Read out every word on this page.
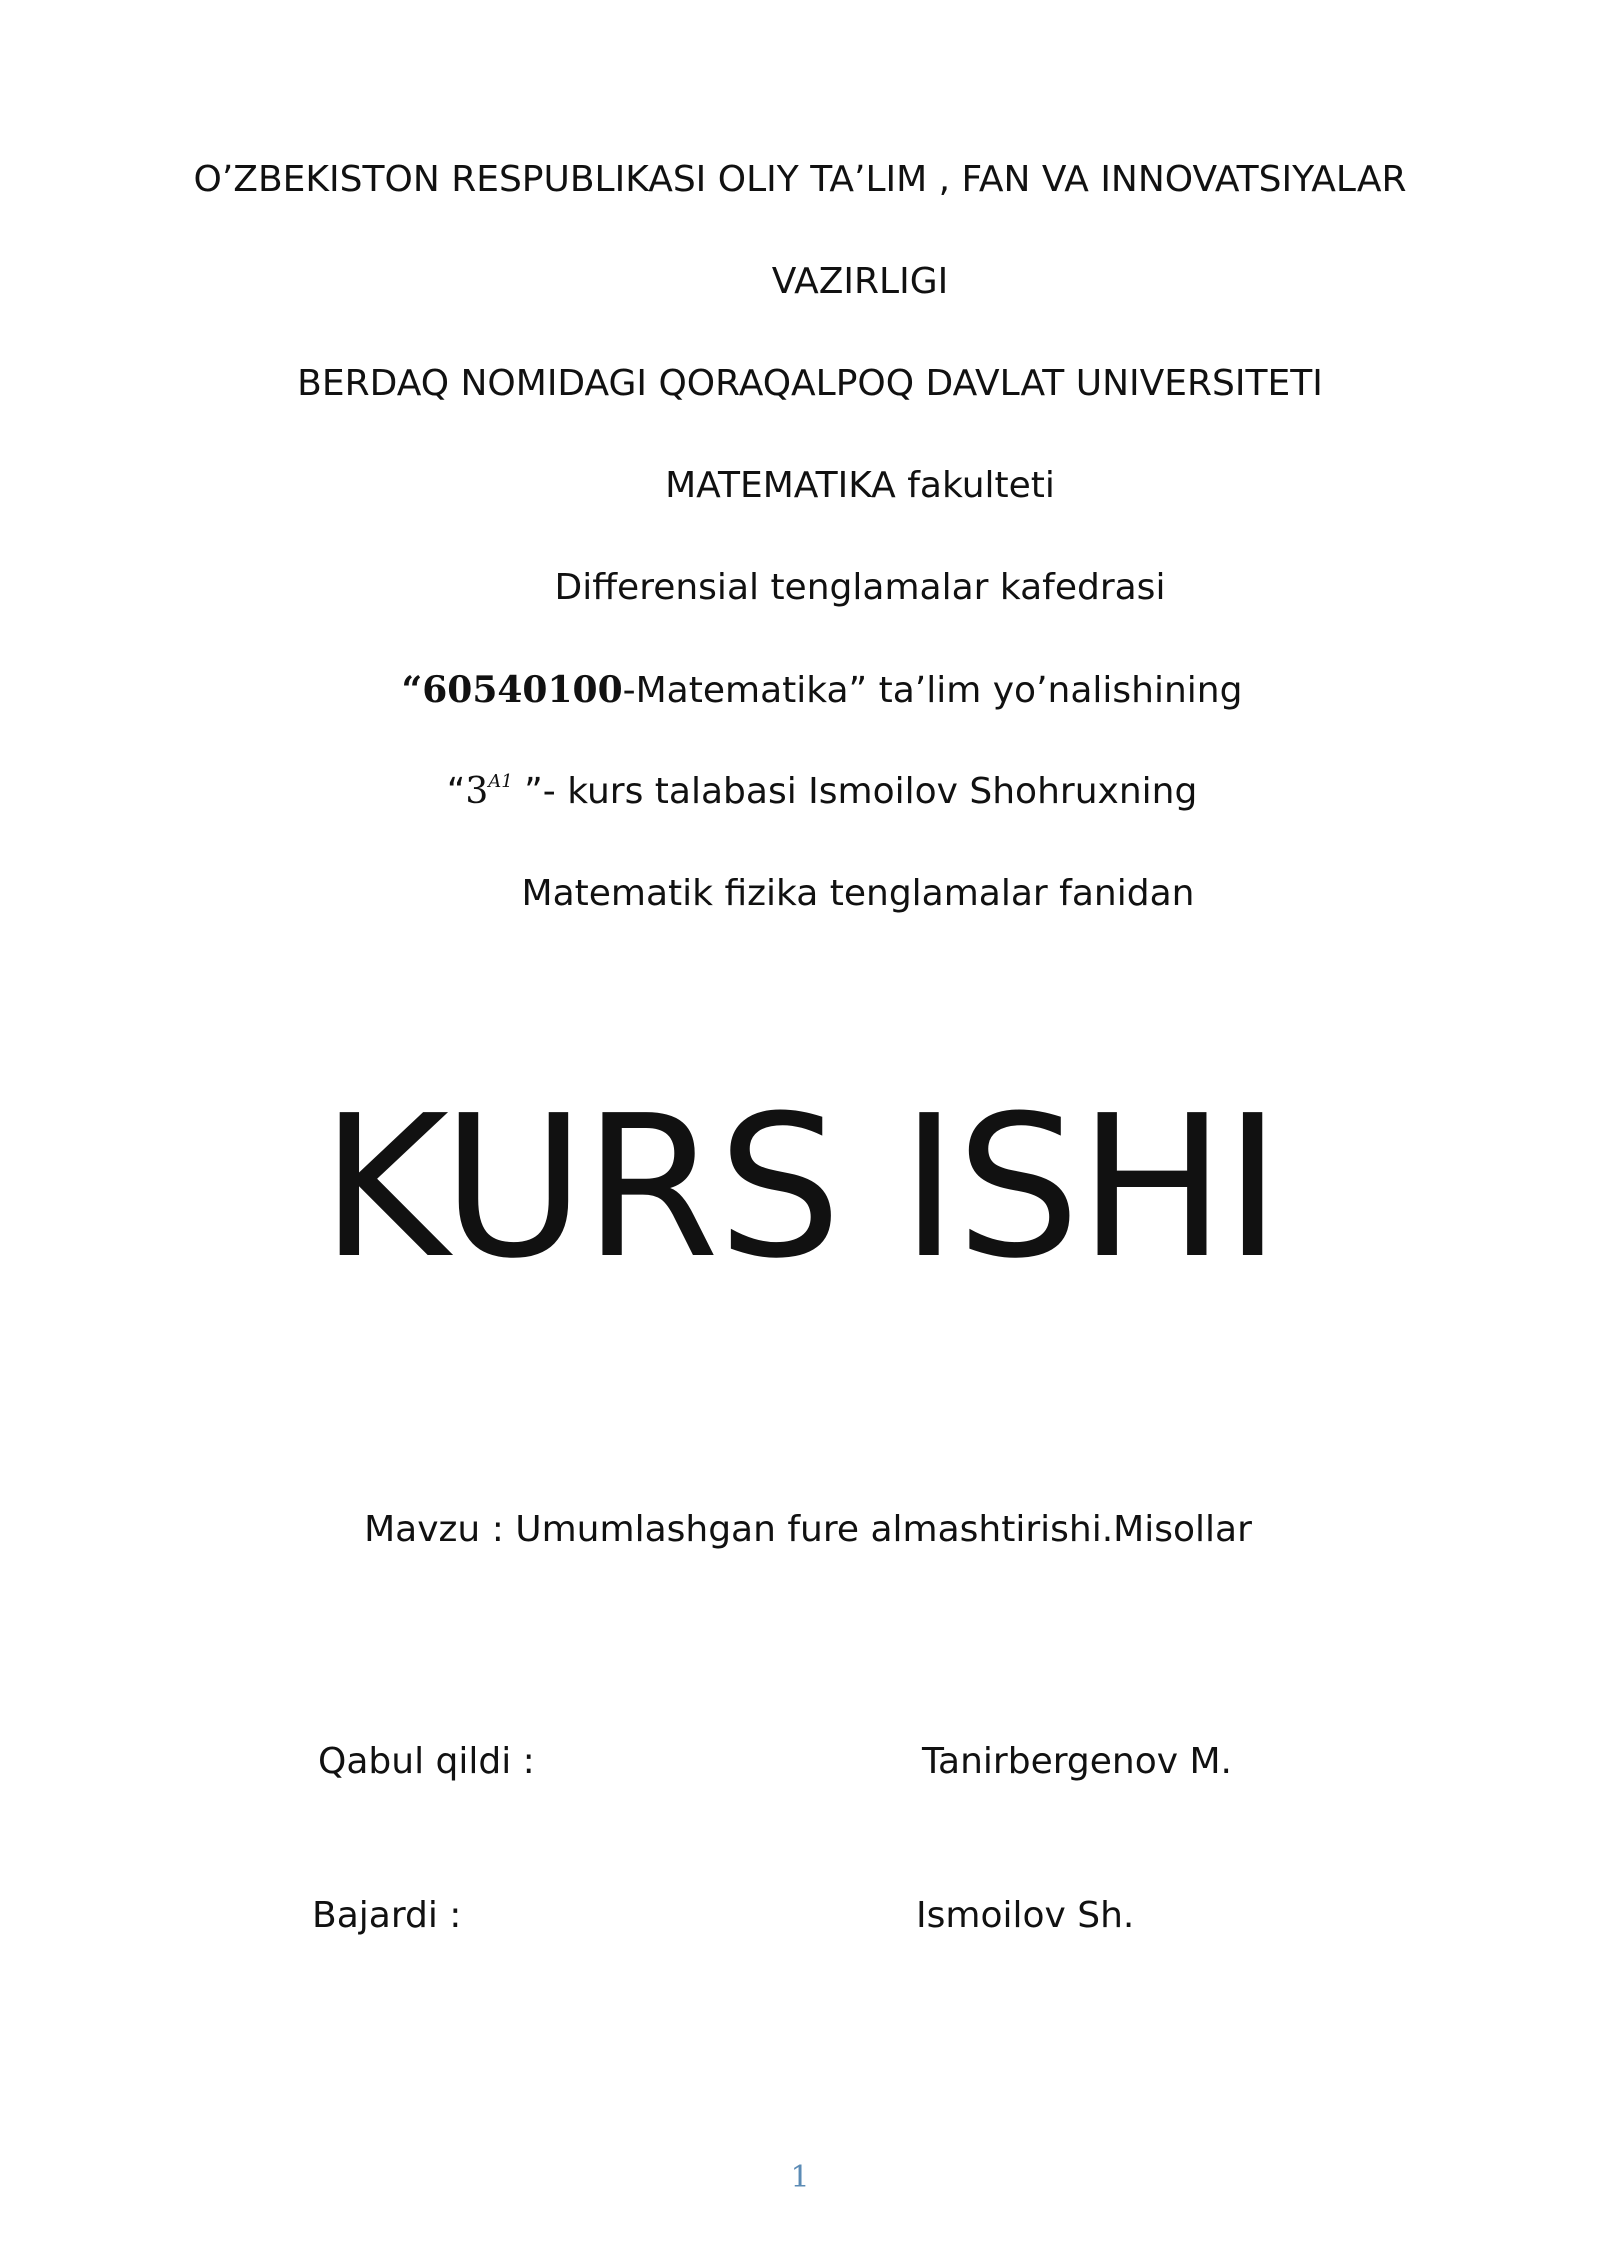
O’ZBEKISTON RESPUBLIKASI OLIY TA’LIM , FAN VA INNOVATSIYALAR
VAZIRLIGI
BERDAQ NOMIDAGI QORAQALPOQ DAVLAT UNIVERSITETI
MATEMATIKA fakulteti
Differensial tenglamalar kafedrasi
“60540100-Matematika” ta’lim yo’nalishining
“$3^{A1}$ ”- kurs talabasi Ismoilov Shohruxning
Matematik fizika tenglamalar fanidan
KURS ISHI
Mavzu : Umumlashgan fure almashtirishi.Misollar
Qabul qildi :	Tanirbergenov M.
Bajardi :	Ismoilov Sh.
1
